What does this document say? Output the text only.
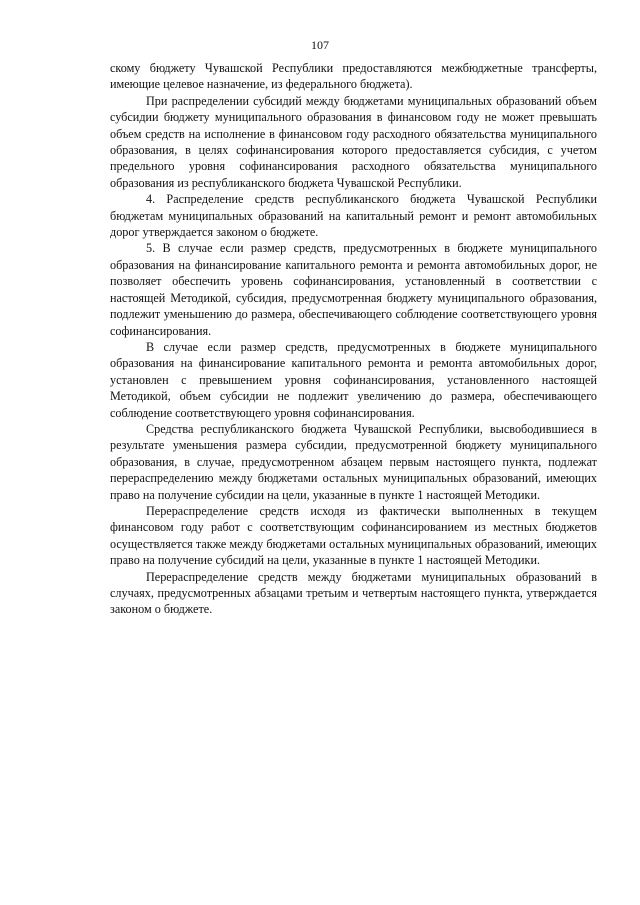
107

скому бюджету Чувашской Республики предоставляются межбюджетные трансферты, имеющие целевое назначение, из федерального бюджета).

При распределении субсидий между бюджетами муниципальных образований объем субсидии бюджету муниципального образования в финансовом году не может превышать объем средств на исполнение в финансовом году расходного обязательства муниципального образования, в целях софинансирования которого предоставляется субсидия, с учетом предельного уровня софинансирования расходного обязательства муниципального образования из республиканского бюджета Чувашской Республики.

4. Распределение средств республиканского бюджета Чувашской Республики бюджетам муниципальных образований на капитальный ремонт и ремонт автомобильных дорог утверждается законом о бюджете.

5. В случае если размер средств, предусмотренных в бюджете муниципального образования на финансирование капитального ремонта и ремонта автомобильных дорог, не позволяет обеспечить уровень софинансирования, установленный в соответствии с настоящей Методикой, субсидия, предусмотренная бюджету муниципального образования, подлежит уменьшению до размера, обеспечивающего соблюдение соответствующего уровня софинансирования.

В случае если размер средств, предусмотренных в бюджете муниципального образования на финансирование капитального ремонта и ремонта автомобильных дорог, установлен с превышением уровня софинансирования, установленного настоящей Методикой, объем субсидии не подлежит увеличению до размера, обеспечивающего соблюдение соответствующего уровня софинансирования.

Средства республиканского бюджета Чувашской Республики, высвободившиеся в результате уменьшения размера субсидии, предусмотренной бюджету муниципального образования, в случае, предусмотренном абзацем первым настоящего пункта, подлежат перераспределению между бюджетами остальных муниципальных образований, имеющих право на получение субсидии на цели, указанные в пункте 1 настоящей Методики.

Перераспределение средств исходя из фактически выполненных в текущем финансовом году работ с соответствующим софинансированием из местных бюджетов осуществляется также между бюджетами остальных муниципальных образований, имеющих право на получение субсидий на цели, указанные в пункте 1 настоящей Методики.

Перераспределение средств между бюджетами муниципальных образований в случаях, предусмотренных абзацами третьим и четвертым настоящего пункта, утверждается законом о бюджете.
